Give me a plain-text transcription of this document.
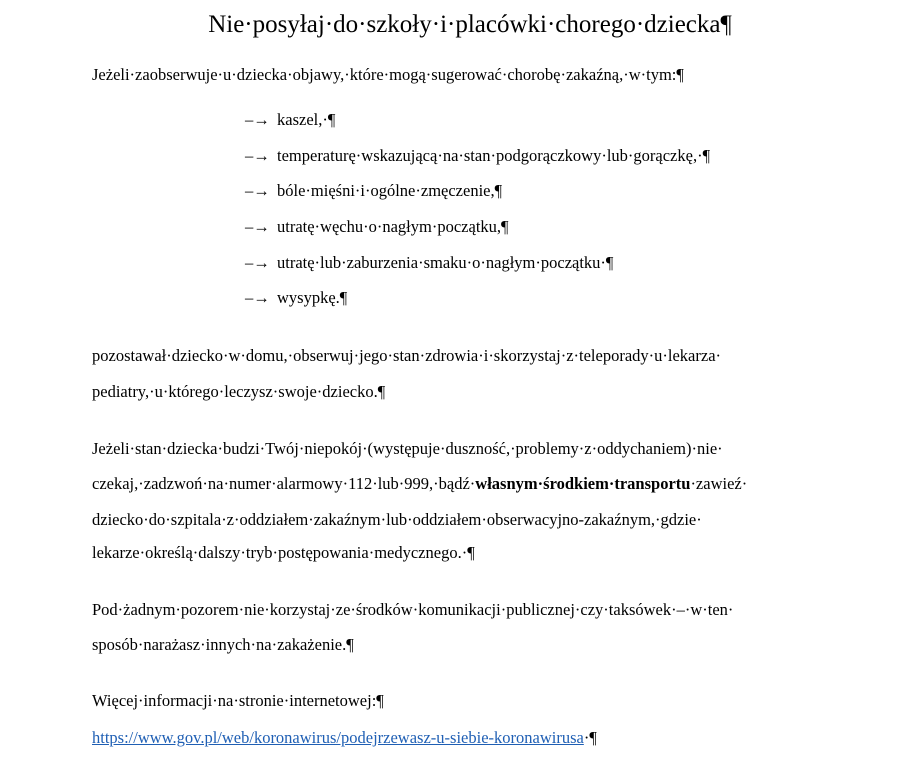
Nie·posyłaj·do·szkoły·i·placówki·chorego·dziecka¶
Jeżeli·zaobserwuje·u·dziecka·objawy,·które·mogą·sugerować·chorobę·zakaźną,·w·tym:¶
–→ kaszel,·¶
–→ temperaturę·wskazującą·na·stan·podgorączkowy·lub·gorączkę,·¶
–→ bóle·mięśni·i·ogólne·zmęczenie,¶
–→ utratę·węchu·o·nagłym·początku,¶
–→ utratę·lub·zaburzenia·smaku·o·nagłym·początku·¶
–→ wysypkę.¶
pozostawał·dziecko·w·domu,·obserwuj·jego·stan·zdrowia·i·skorzystaj·z·teleporady·u·lekarza·
pediatry,·u·którego·leczysz·swoje·dziecko.¶
Jeżeli·stan·dziecka·budzi·Twój·niepokój·(występuje·duszność,·problemy·z·oddychaniem)·nie·
czekaj,·zadzwoń·na·numer·alarmowy·112·lub·999,·bądź·własnym·środkiem·transportu·zawieź·
dziecko·do·szpitala·z·oddziałem·zakaźnym·lub·oddziałem·obserwacyjno-zakaźnym,·gdzie·
lekarze·określą·dalszy·tryb·postępowania·medycznego.·¶
Pod·żadnym·pozorem·nie·korzystaj·ze·środków·komunikacji·publicznej·czy·taksówek·–·w·ten·
sposób·narażasz·innych·na·zakażenie.¶
Więcej·informacji·na·stronie·internetowej:¶
https://www.gov.pl/web/koronawirus/podejrzewasz-u-siebie-koronawirusa·¶
